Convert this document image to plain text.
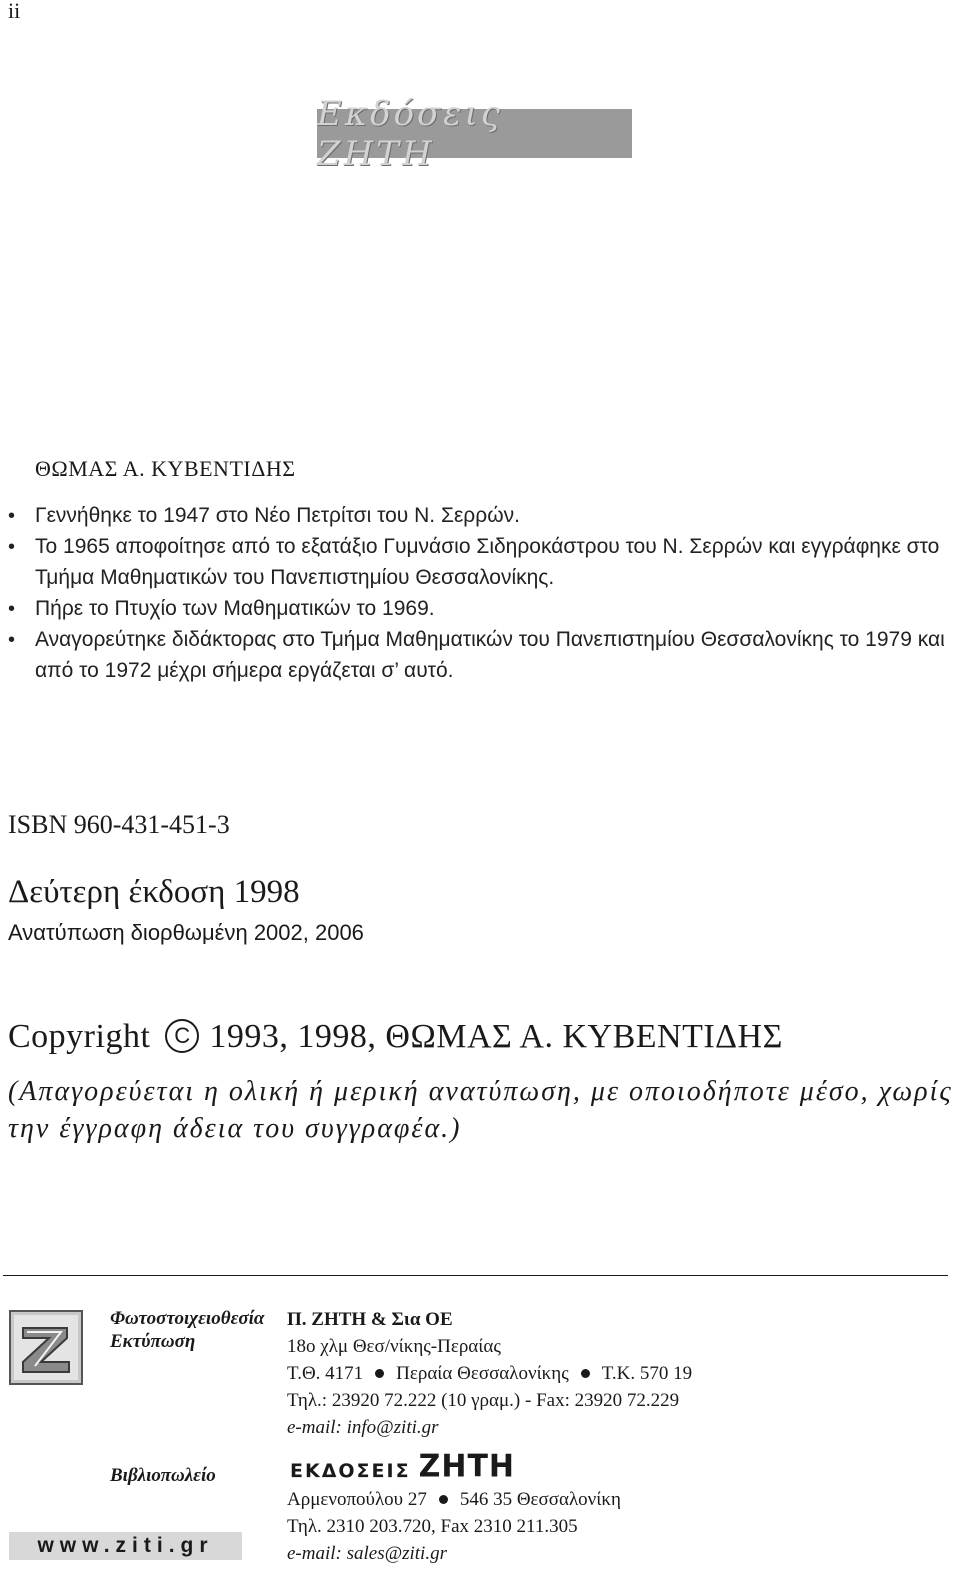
ii
Εκδόσεις ΖΗΤΗ
ΘΩΜΑΣ Α. ΚΥΒΕΝΤΙΔΗΣ
• Γεννήθηκε το 1947 στο Νέο Πετρίτσι του Ν. Σερρών.
• Το 1965 αποφοίτησε από το εξατάξιο Γυμνάσιο Σιδηροκάστρου του Ν. Σερρών και εγγράφηκε στο Τμήμα Μαθηματικών του Πανεπιστημίου Θεσσαλονίκης.
• Πήρε το Πτυχίο των Μαθηματικών το 1969.
• Αναγορεύτηκε διδάκτορας στο Τμήμα Μαθηματικών του Πανεπιστημίου Θεσσαλονίκης το 1979 και από το 1972 μέχρι σήμερα εργάζεται σ’ αυτό.
ISBN 960-431-451-3
Δεύτερη έκδοση 1998
Ανατύπωση διορθωμένη 2002, 2006
Copyright C 1993, 1998, ΘΩΜΑΣ Α. ΚΥΒΕΝΤΙΔΗΣ
(Απαγορεύεται η ολική ή μερική ανατύπωση, με οποιοδήποτε μέσο, χωρίς την έγγραφη άδεια του συγγραφέα.)
Φωτοστοιχειοθεσία
Εκτύπωση
Π. ΖΗΤΗ & Σια ΟΕ
18ο χλμ Θεσ/νίκης-Περαίας
Τ.Θ. 4171 Περαία Θεσσαλονίκης Τ.Κ. 570 19
Τηλ.: 23920 72.222 (10 γραμ.) - Fax: 23920 72.229
e-mail: info@ziti.gr
Βιβλιοπωλείο	ΕΚΔΟΣΕΙΣ ΖΗΤΗ
Αρμενοπούλου 27 546 35 Θεσσαλονίκη
Τηλ. 2310 203.720, Fax 2310 211.305
e-mail: sales@ziti.gr
www.ziti.gr
